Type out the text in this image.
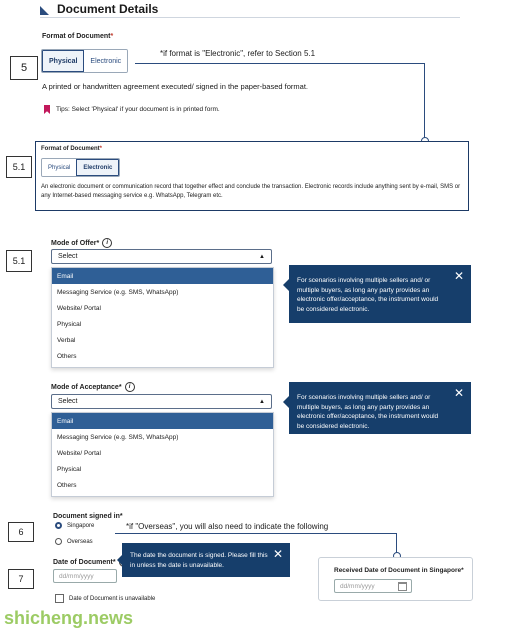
Document Details
Format of Document*
Physical	Electronic
5
*if format is "Electronic", refer to Section 5.1
A printed or handwritten agreement executed/ signed in the paper-based format.
Tips: Select 'Physical' if your document is in printed form.
5.1
Format of Document*
Physical	Electronic
An electronic document or communication record that together effect and conclude the transaction. Electronic records include anything sent by e-mail, SMS or any Internet-based messaging service e.g. WhatsApp, Telegram etc.
5.1
Mode of Offer* i
Select	▲
Email
Messaging Service (e.g. SMS, WhatsApp)
Website/ Portal
Physical
Verbal
Others
✕
For scenarios involving multiple sellers and/ or multiple buyers, as long any party provides an electronic offer/acceptance, the instrument would be considered electronic.
Mode of Acceptance* i
Select	▲
Email
Messaging Service (e.g. SMS, WhatsApp)
Website/ Portal
Physical
Others
✕
For scenarios involving multiple sellers and/ or multiple buyers, as long any party provides an electronic offer/acceptance, the instrument would be considered electronic.
6
Document signed in*
Singapore
Overseas
*if "Overseas", you will also need to indicate the following
7
Date of Document*
dd/mm/yyyy
Date of Document is unavailable
✕
The date the document is signed. Please fill this in unless the date is unavailable.
Received Date of Document in Singapore*
dd/mm/yyyy
shicheng.news
